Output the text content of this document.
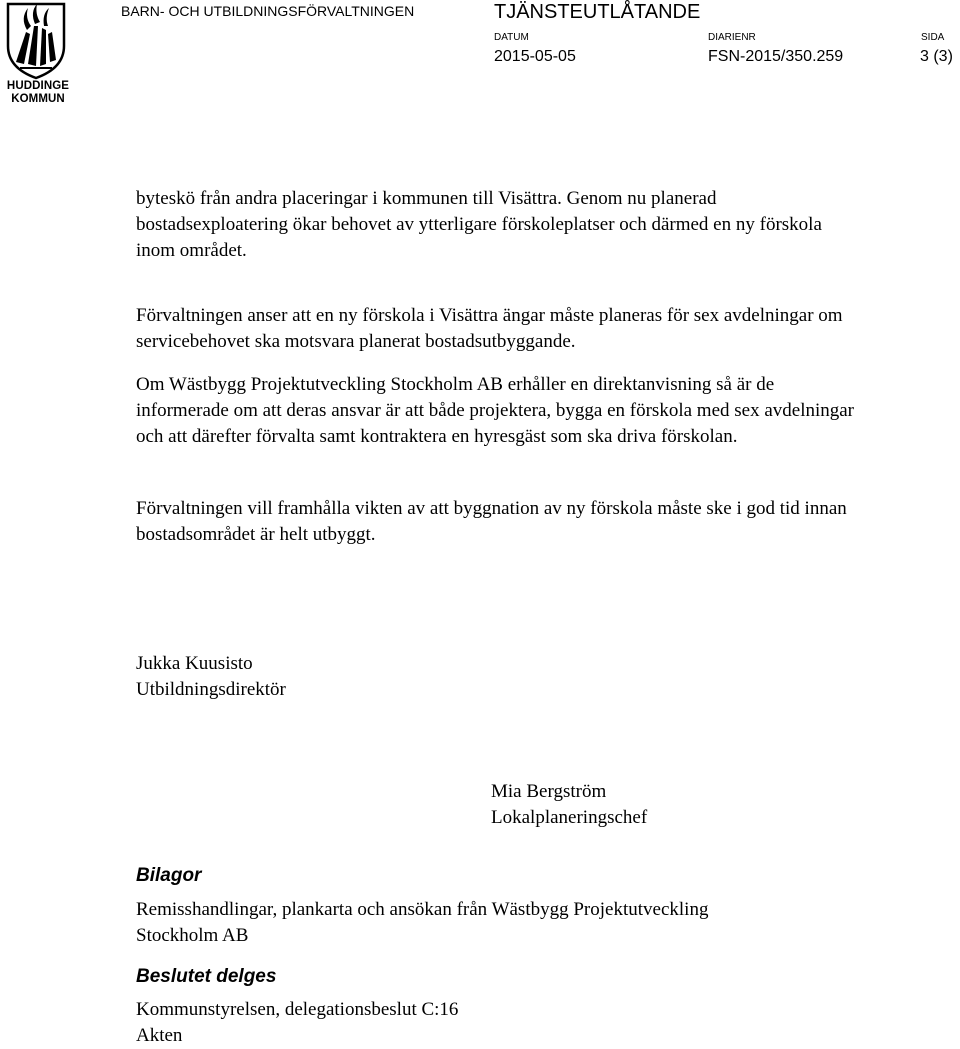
HUDDINGE
KOMMUN
BARN- OCH UTBILDNINGSFÖRVALTNINGEN	TJÄNSTEUTLÅTANDE
DATUM
2015-05-05
DIARIENR
FSN-2015/350.259
SIDA
3 (3)

byteskö från andra placeringar i kommunen till Visättra. Genom nu planerad bostadsexploatering ökar behovet av ytterligare förskoleplatser och därmed en ny förskola inom området.

Förvaltningen anser att en ny förskola i Visättra ängar måste planeras för sex avdelningar om servicebehovet ska motsvara planerat bostadsutbyggande.

Om Wästbygg Projektutveckling Stockholm AB erhåller en direktanvisning så är de informerade om att deras ansvar är att både projektera, bygga en förskola med sex avdelningar och att därefter förvalta samt kontraktera en hyresgäst som ska driva förskolan.

Förvaltningen vill framhålla vikten av att byggnation av ny förskola måste ske i god tid innan bostadsområdet är helt utbyggt.

Jukka Kuusisto
Utbildningsdirektör
Mia Bergström
Lokalplaneringschef
Bilagor
Remisshandlingar, plankarta och ansökan från Wästbygg Projektutveckling
Stockholm AB
Beslutet delges
Kommunstyrelsen, delegationsbeslut C:16
Akten
